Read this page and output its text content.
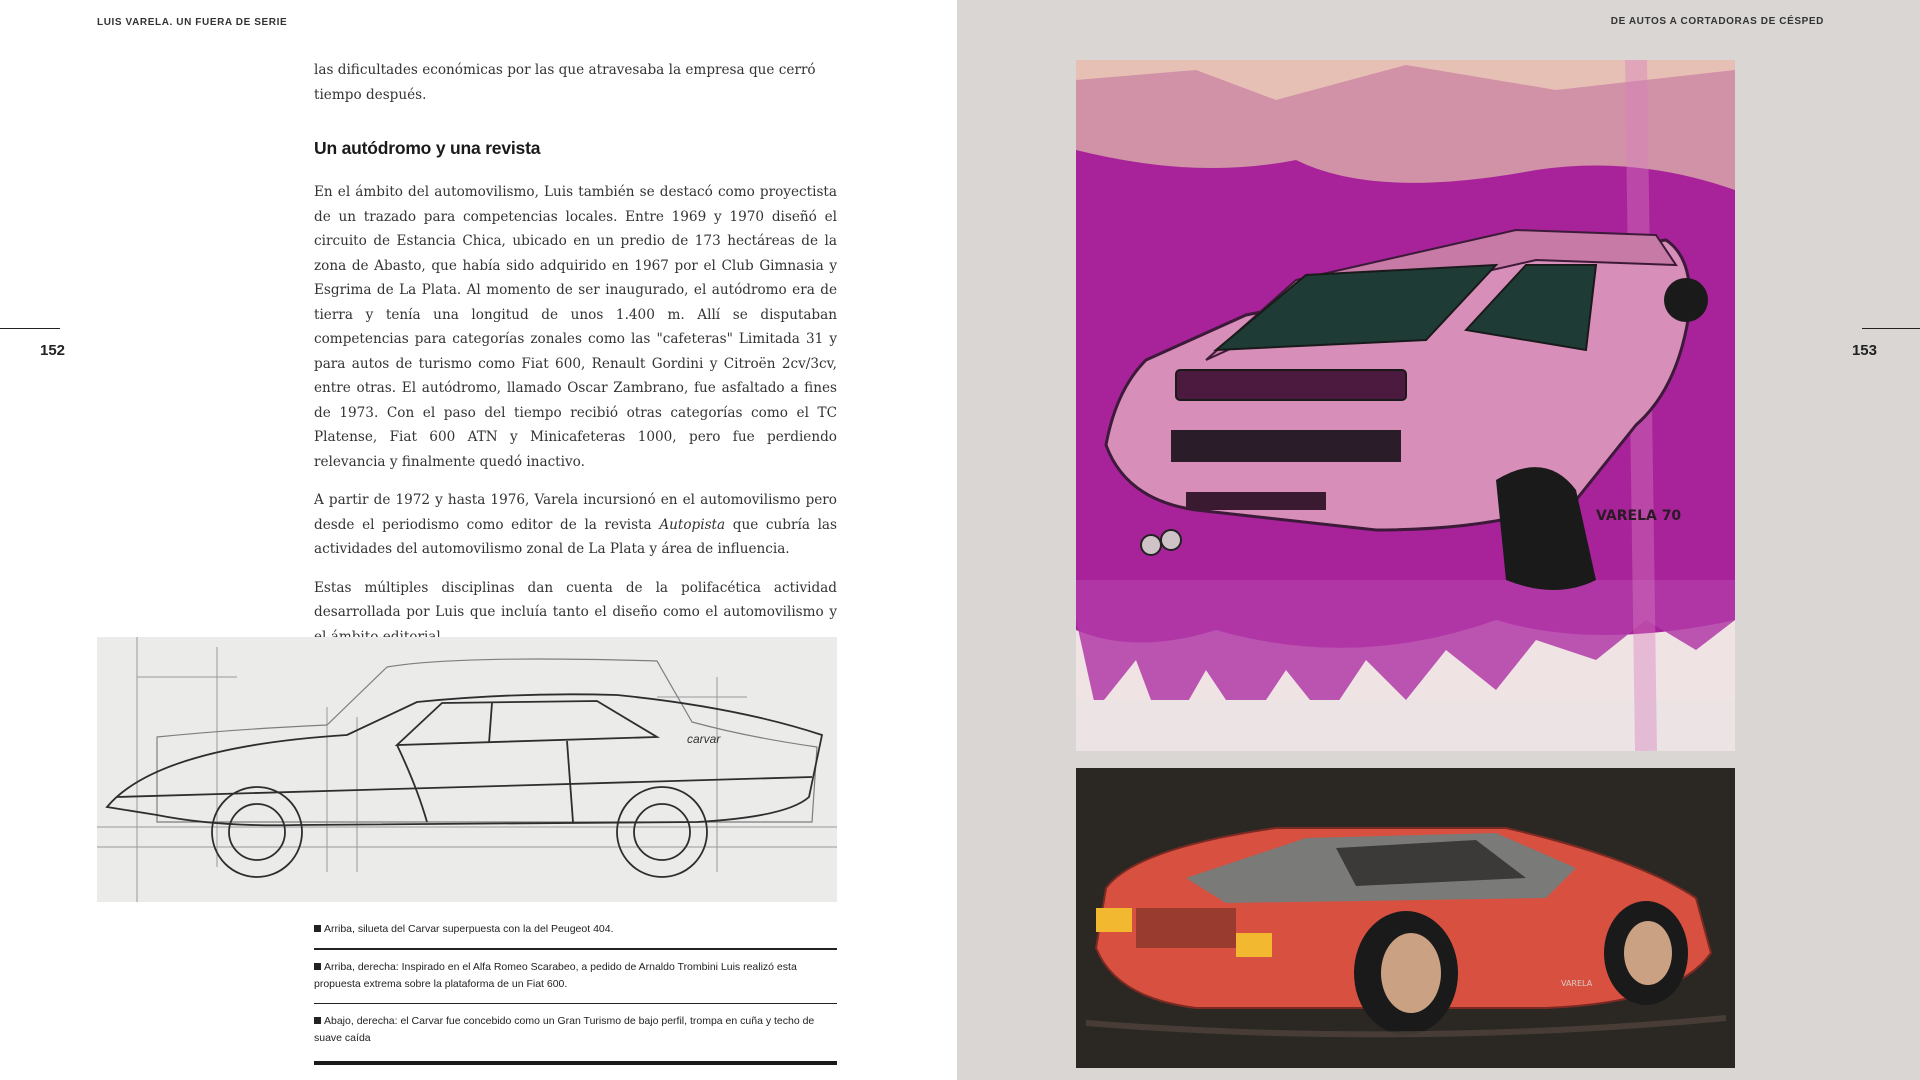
LUIS VARELA. UN FUERA DE SERIE
152
las dificultades económicas por las que atravesaba la empresa que cerró
tiempo después.
Un autódromo y una revista

En el ámbito del automovilismo, Luis también se destacó como proyectista de un trazado para competencias locales. Entre 1969 y 1970 diseñó el circuito de Estancia Chica, ubicado en un predio de 173 hectáreas de la zona de Abasto, que había sido adquirido en 1967 por el Club Gimnasia y Esgrima de La Plata. Al momento de ser inaugurado, el autódromo era de tierra y tenía una longitud de unos 1.400 m. Allí se disputaban competencias para categorías zonales como las "cafeteras" Limitada 31 y para autos de turismo como Fiat 600, Renault Gordini y Citroën 2cv/3cv, entre otras. El autódromo, llamado Oscar Zambrano, fue asfaltado a fines de 1973. Con el paso del tiempo recibió otras categorías como el TC Platense, Fiat 600 ATN y Minicafeteras 1000, pero fue perdiendo relevancia y finalmente quedó inactivo.

A partir de 1972 y hasta 1976, Varela incursionó en el automovilismo pero desde el periodismo como editor de la revista Autopista que cubría las actividades del automovilismo zonal de La Plata y área de influencia.

Estas múltiples disciplinas dan cuenta de la polifacética actividad desarrollada por Luis que incluía tanto el diseño como el automovilismo y

carvar
Arriba, silueta del Carvar superpuesta con la del Peugeot 404.
Arriba, derecha: Inspirado en el Alfa Romeo Scarabeo, a pedido de Arnaldo Trombini Luis realizó esta propuesta extrema sobre la plataforma de un Fiat 600.
Abajo, derecha: el Carvar fue concebido como un Gran Turismo de bajo perfil, trompa en cuña y techo de suave caída
DE AUTOS A CORTADORAS DE CÉSPED
153
VARELA 70
VARELA
